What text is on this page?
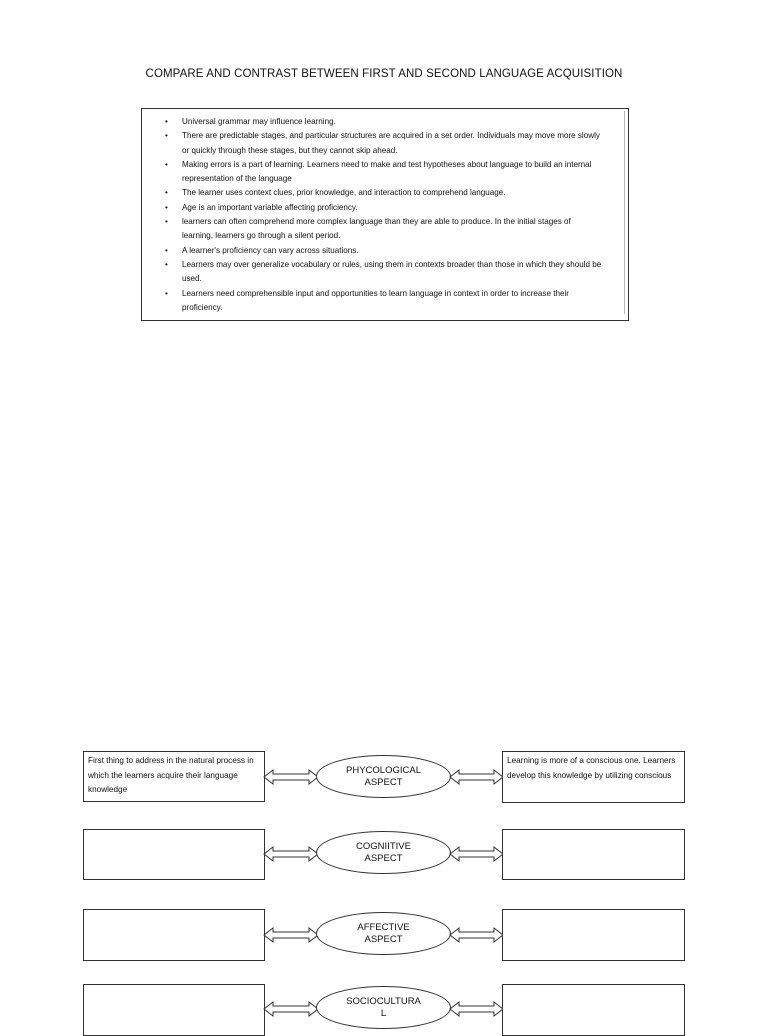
COMPARE AND CONTRAST BETWEEN FIRST AND SECOND LANGUAGE ACQUISITION
• Universal grammar may influence learning.
• There are predictable stages, and particular structures are acquired in a set order. Individuals may move more slowly or quickly through these stages, but they cannot skip ahead.
• Making errors is a part of learning. Learners need to make and test hypotheses about language to build an internal representation of the language
• The learner uses context clues, prior knowledge, and interaction to comprehend language.
• Age is an important variable affecting proficiency.
• learners can often comprehend more complex language than they are able to produce. In the initial stages of learning, learners go through a silent period.
• A learner's proficiency can vary across situations.
• Learners may over generalize vocabulary or rules, using them in contexts broader than those in which they should be used.
• Learners need comprehensible input and opportunities to learn language in context in order to increase their proficiency.
First thing to address in the natural process in which the learners acquire their language knowledge
PHYCOLOGICAL
ASPECT
Learning is more of a conscious one. Learners develop this knowledge by utilizing conscious
COGNIITIVE
ASPECT
AFFECTIVE
ASPECT
SOCIOCULTURA
L
